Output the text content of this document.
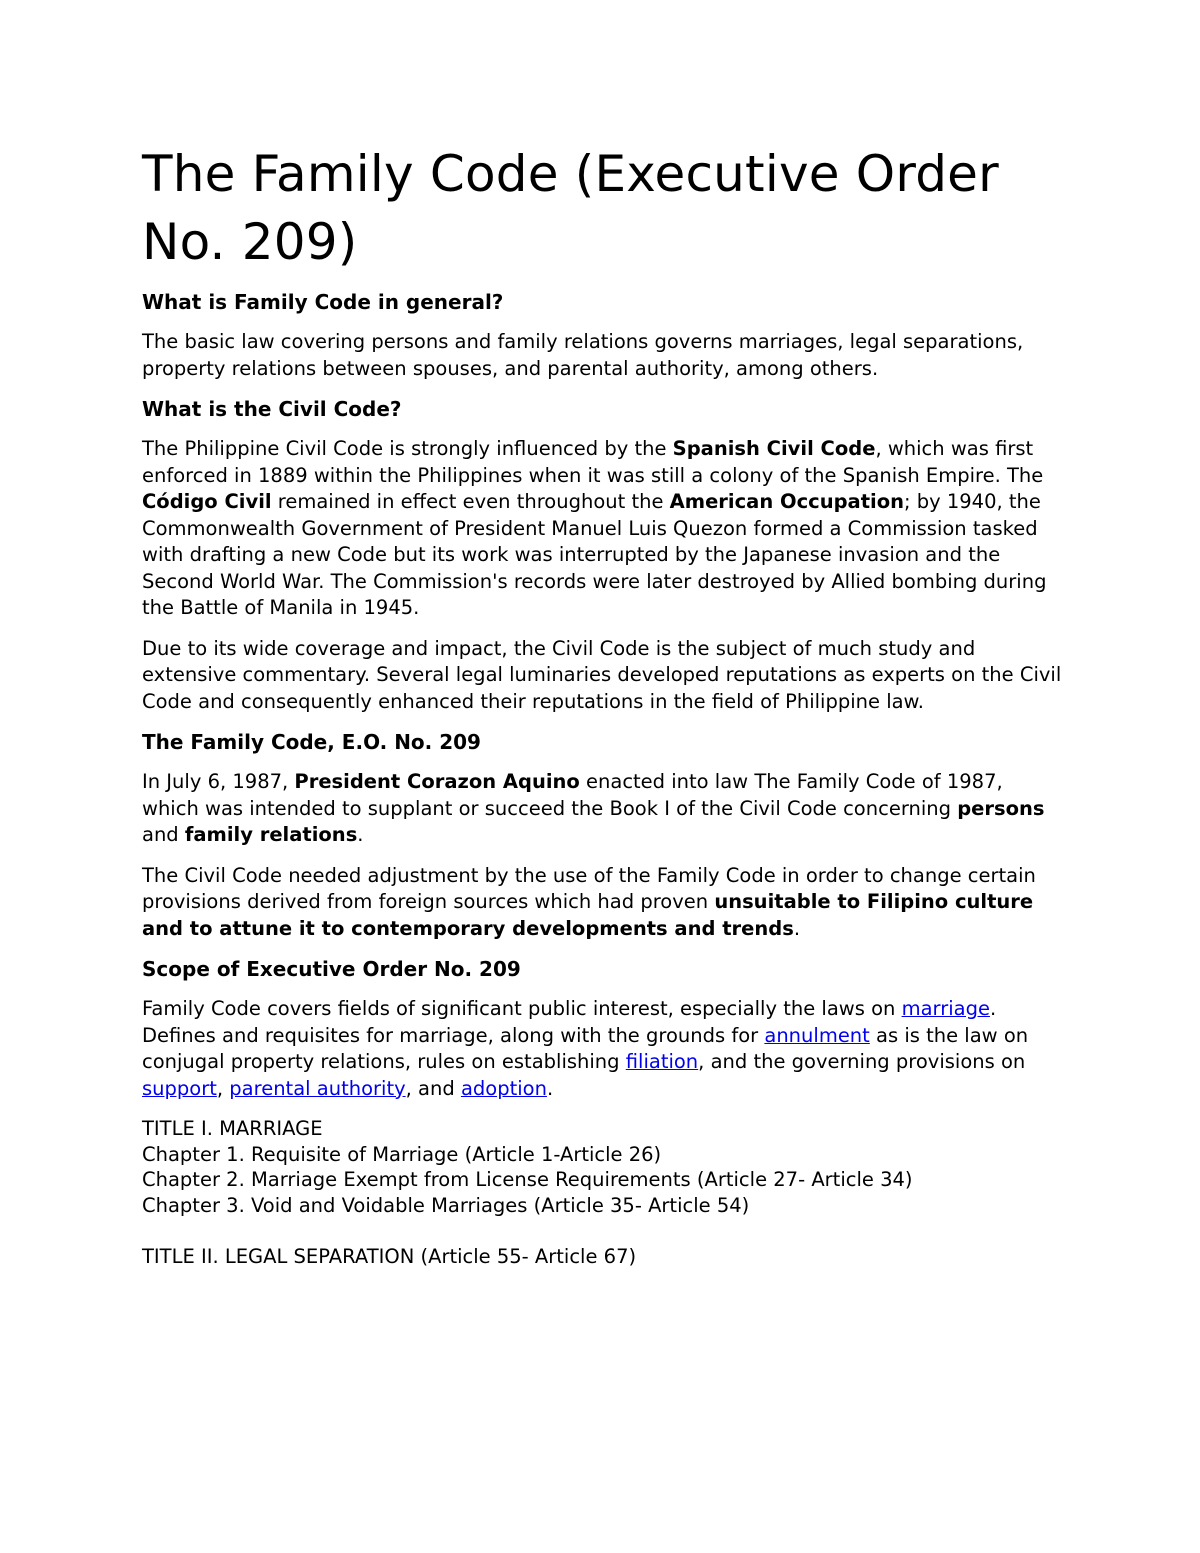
The Family Code (Executive Order No. 209)
What is Family Code in general?

The basic law covering persons and family relations governs marriages, legal separations, property relations between spouses, and parental authority, among others.

What is the Civil Code?

The Philippine Civil Code is strongly influenced by the Spanish Civil Code, which was first enforced in 1889 within the Philippines when it was still a colony of the Spanish Empire. The Código Civil remained in effect even throughout the American Occupation; by 1940, the Commonwealth Government of President Manuel Luis Quezon formed a Commission tasked with drafting a new Code but its work was interrupted by the Japanese invasion and the Second World War. The Commission's records were later destroyed by Allied bombing during the Battle of Manila in 1945.

Due to its wide coverage and impact, the Civil Code is the subject of much study and extensive commentary. Several legal luminaries developed reputations as experts on the Civil Code and consequently enhanced their reputations in the field of Philippine law.

The Family Code, E.O. No. 209

In July 6, 1987, President Corazon Aquino enacted into law The Family Code of 1987, which was intended to supplant or succeed the Book I of the Civil Code concerning persons and family relations.

The Civil Code needed adjustment by the use of the Family Code in order to change certain provisions derived from foreign sources which had proven unsuitable to Filipino culture and to attune it to contemporary developments and trends.

Scope of Executive Order No. 209

Family Code covers fields of significant public interest, especially the laws on marriage. Defines and requisites for marriage, along with the grounds for annulment as is the law on conjugal property relations, rules on establishing filiation, and the governing provisions on support, parental authority, and adoption.

TITLE I. MARRIAGE
Chapter 1. Requisite of Marriage (Article 1-Article 26)
Chapter 2. Marriage Exempt from License Requirements (Article 27- Article 34)
Chapter 3. Void and Voidable Marriages (Article 35- Article 54)
TITLE II. LEGAL SEPARATION (Article 55- Article 67)
